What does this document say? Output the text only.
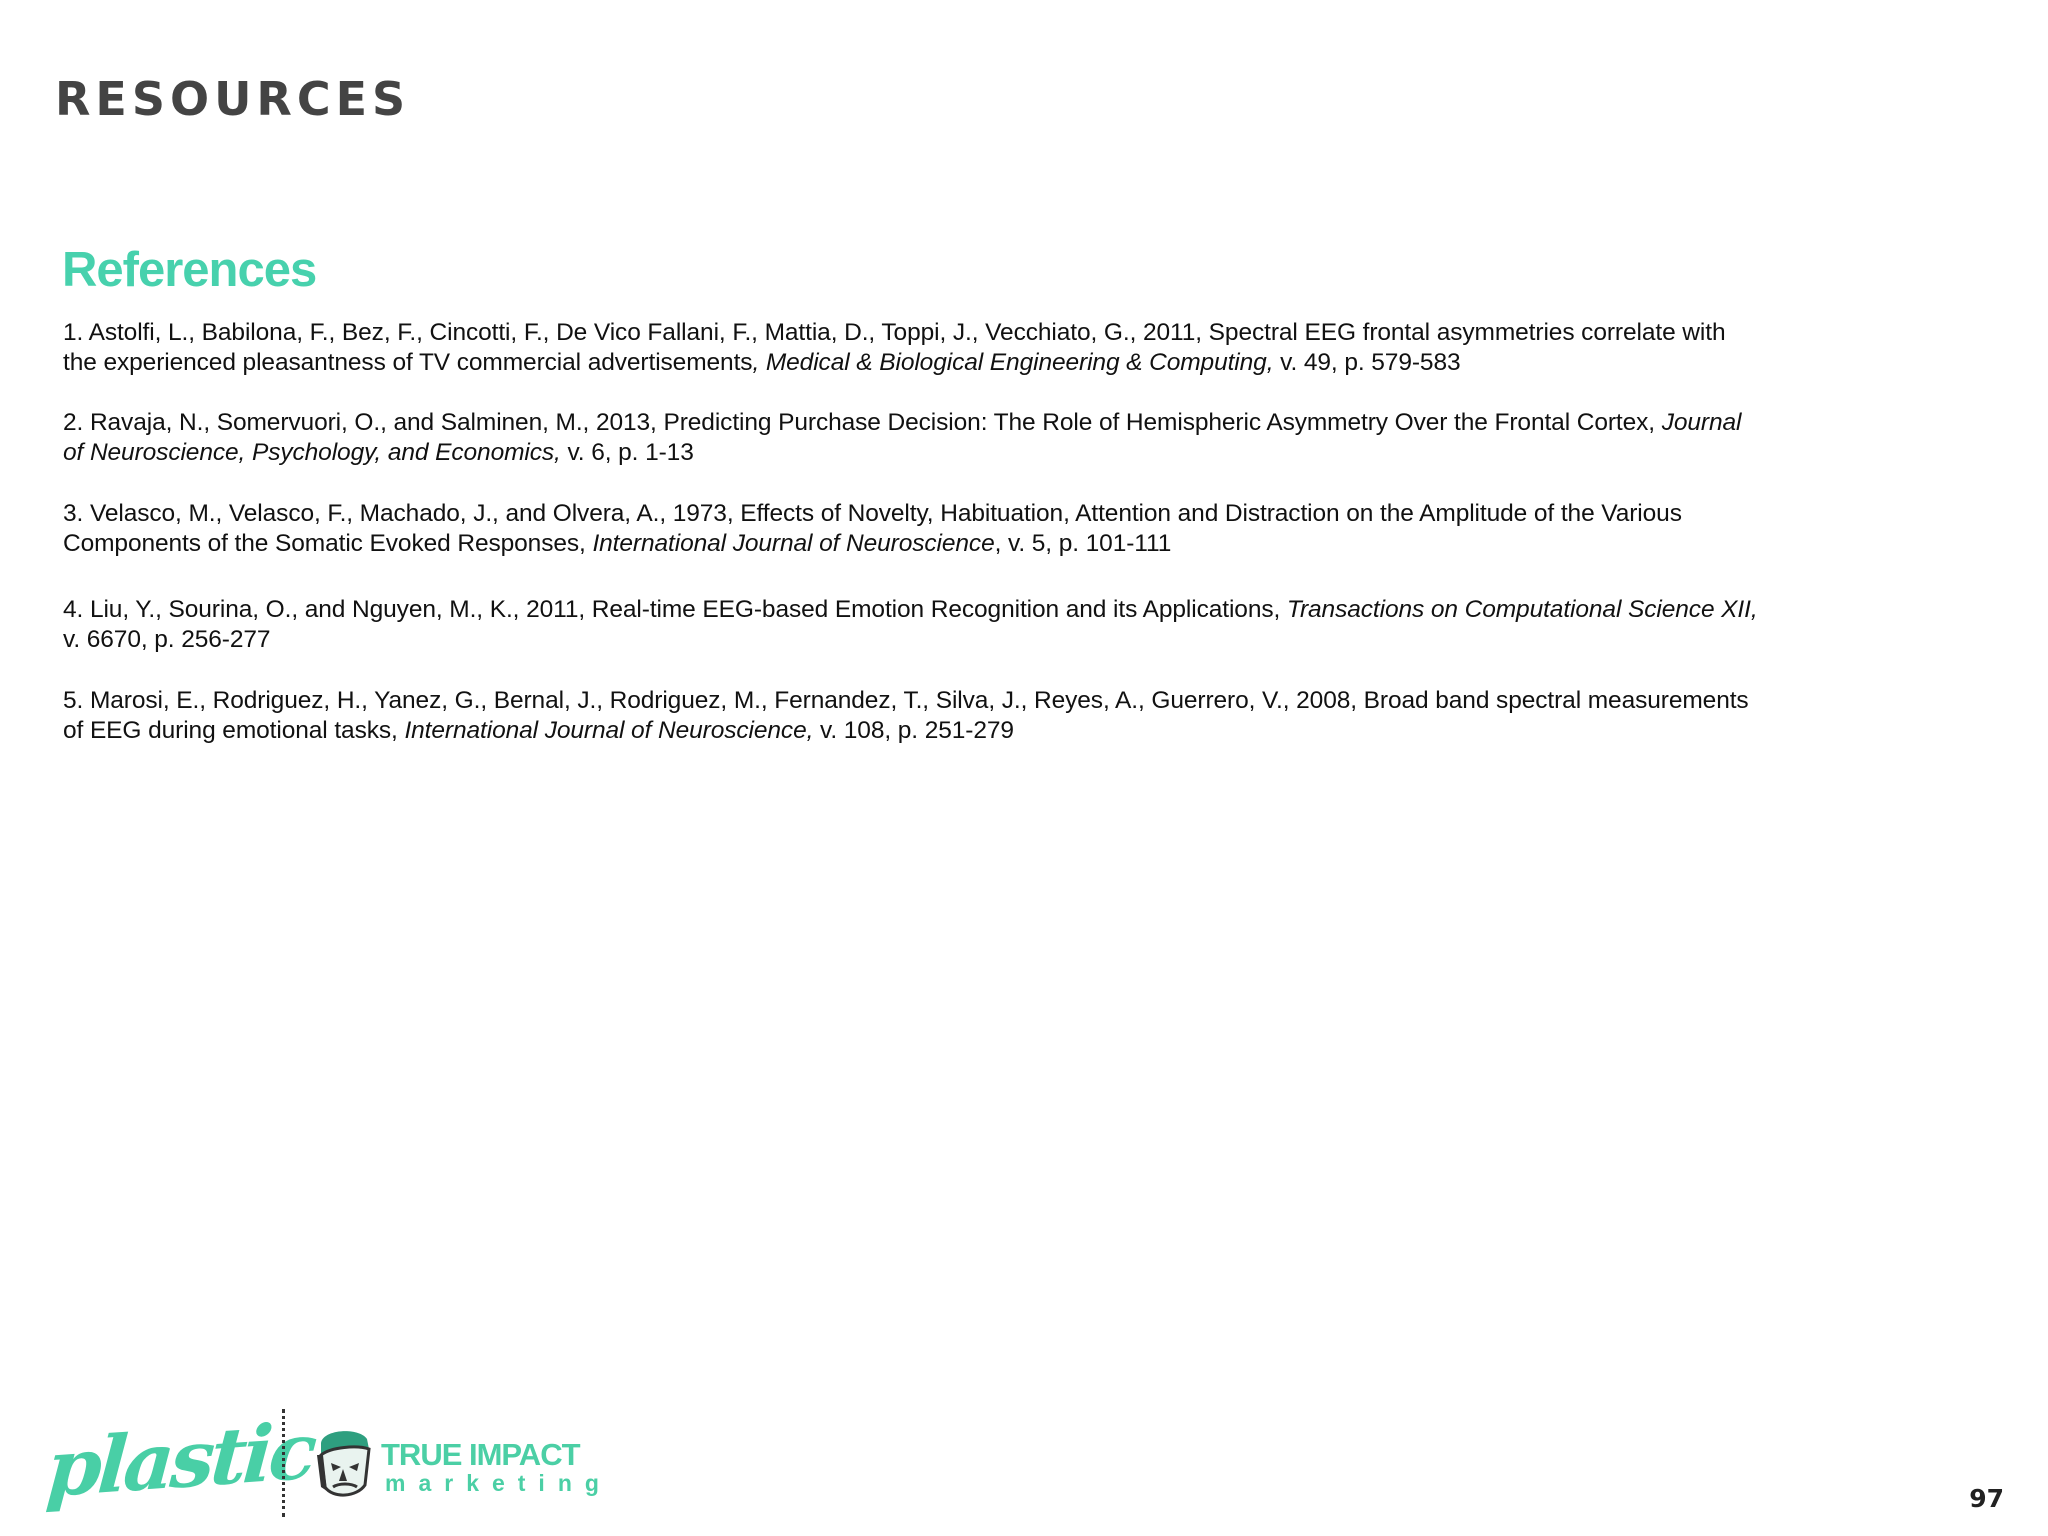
RESOURCES
References

1. Astolfi, L., Babilona, F., Bez, F., Cincotti, F., De Vico Fallani, F., Mattia, D., Toppi, J., Vecchiato, G., 2011, Spectral EEG frontal asymmetries correlate with the experienced pleasantness of TV commercial advertisements, Medical & Biological Engineering & Computing, v. 49, p. 579-583

2. Ravaja, N., Somervuori, O., and Salminen, M., 2013, Predicting Purchase Decision: The Role of Hemispheric Asymmetry Over the Frontal Cortex, Journal of Neuroscience, Psychology, and Economics, v. 6, p. 1-13

3. Velasco, M., Velasco, F., Machado, J., and Olvera, A., 1973, Effects of Novelty, Habituation, Attention and Distraction on the Amplitude of the Various Components of the Somatic Evoked Responses, International Journal of Neuroscience, v. 5, p. 101-111

4. Liu, Y., Sourina, O., and Nguyen, M., K., 2011, Real-time EEG-based Emotion Recognition and its Applications, Transactions on Computational Science XII, v. 6670, p. 256-277

5. Marosi, E., Rodriguez, H., Yanez, G., Bernal, J., Rodriguez, M., Fernandez, T., Silva, J., Reyes, A., Guerrero, V., 2008, Broad band spectral measurements of EEG during emotional tasks, International Journal of Neuroscience, v. 108, p. 251-279

plastic TRUE IMPACT
marketing
97
